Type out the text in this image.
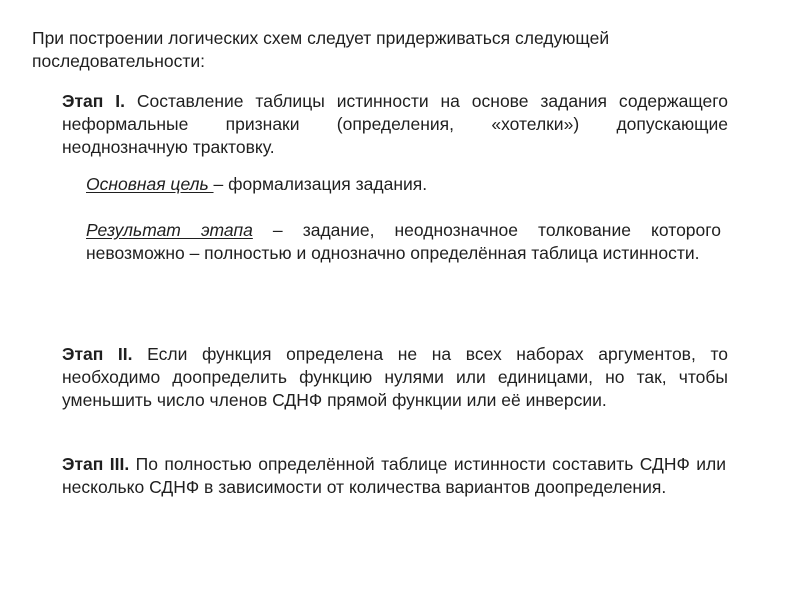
При построении логических схем следует придерживаться следующей последовательности:

Этап I. Составление таблицы истинности на основе задания содержащего неформальные признаки (определения, «хотелки») допускающие неоднозначную трактовку.

Основная цель – формализация задания.

Результат этапа – задание, неоднозначное толкование которого невозможно – полностью и однозначно определённая таблица истинности.

Этап II. Если функция определена не на всех наборах аргументов, то необходимо доопределить функцию нулями или единицами, но так, чтобы уменьшить число членов СДНФ прямой функции или её инверсии.

Этап III. По полностью определённой таблице истинности составить СДНФ или несколько СДНФ в зависимости от количества вариантов доопределения.
